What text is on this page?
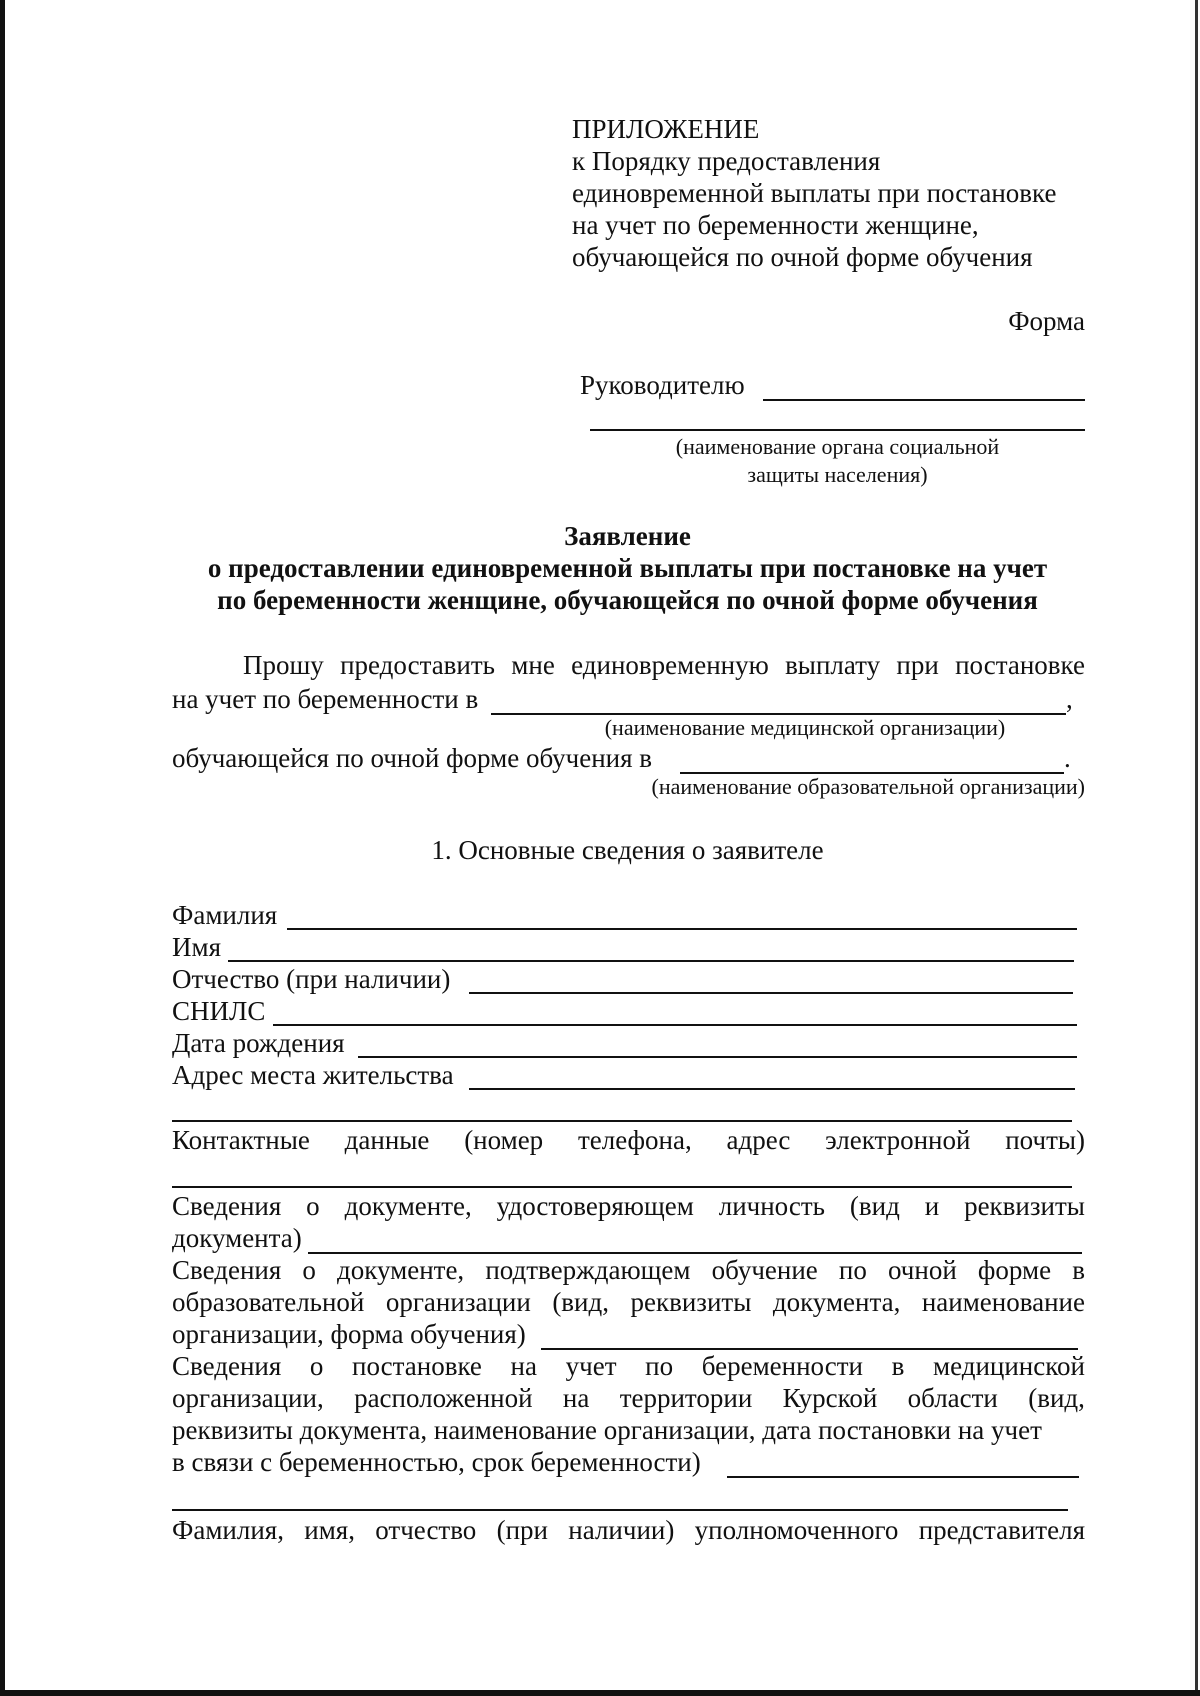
ПРИЛОЖЕНИЕ
к Порядку предоставления
единовременной выплаты при постановке
на учет по беременности женщине,
обучающейся по очной форме обучения
Форма
Руководителю
(наименование органа социальной
защиты населения)
Заявление
о предоставлении единовременной выплаты при постановке на учет
по беременности женщине, обучающейся по очной форме обучения
Прошу предоставить мне единовременную выплату при постановке
на учет по беременности в	,
(наименование медицинской организации)
обучающейся по очной форме обучения в	.
(наименование образовательной организации)
1. Основные сведения о заявителе
Фамилия
Имя
Отчество (при наличии)
СНИЛС
Дата рождения
Адрес места жительства
Контактные данные (номер телефона, адрес электронной почты)
Сведения о документе, удостоверяющем личность (вид и реквизиты
документа)
Сведения о документе, подтверждающем обучение по очной форме в
образовательной организации (вид, реквизиты документа, наименование
организации, форма обучения)
Сведения о постановке на учет по беременности в медицинской
организации, расположенной на территории Курской области (вид,
реквизиты документа, наименование организации, дата постановки на учет
в связи с беременностью, срок беременности)
Фамилия, имя, отчество (при наличии) уполномоченного представителя
